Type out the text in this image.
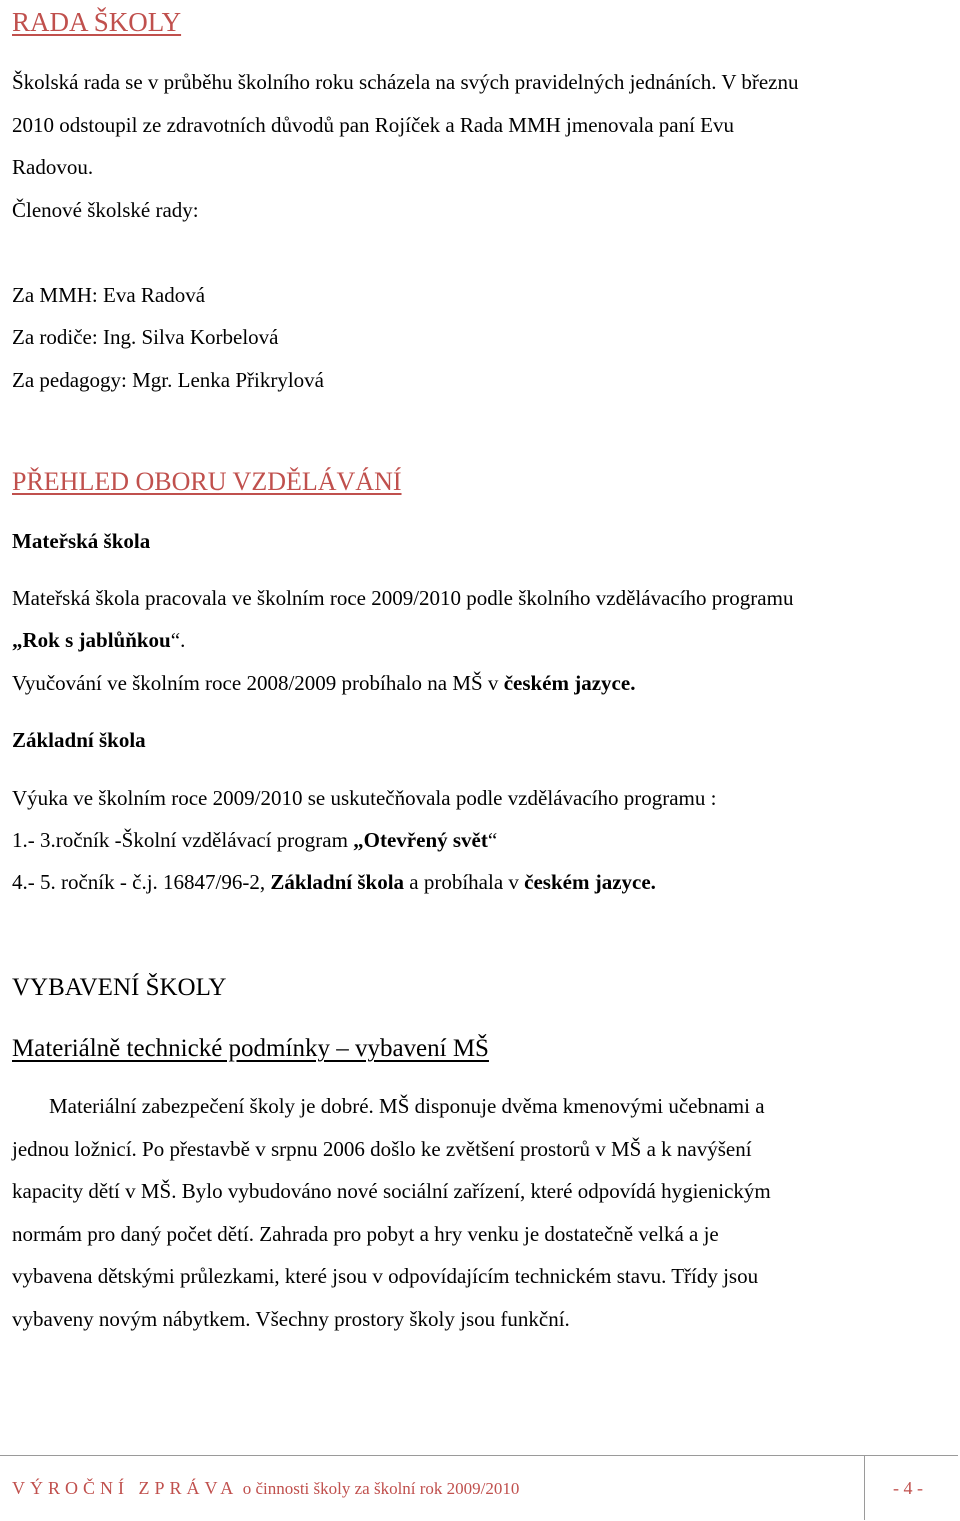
RADA ŠKOLY
Školská rada se v průběhu školního roku scházela na svých pravidelných jednáních. V březnu
2010 odstoupil ze zdravotních důvodů pan Rojíček a Rada MMH jmenovala paní Evu
Radovou.
Členové školské rady:
Za MMH: Eva Radová
Za rodiče: Ing. Silva Korbelová
Za pedagogy: Mgr. Lenka Přikrylová
PŘEHLED OBORU VZDĚLÁVÁNÍ
Mateřská škola
Mateřská škola pracovala ve školním roce 2009/2010 podle školního vzdělávacího programu
„Rok s jablůňkou“.
Vyučování ve školním roce 2008/2009 probíhalo na MŠ v českém jazyce.
Základní škola
Výuka ve školním roce 2009/2010 se uskutečňovala podle vzdělávacího programu :
1.- 3.ročník -Školní vzdělávací program „Otevřený svět“
4.- 5. ročník - č.j. 16847/96-2, Základní škola a probíhala v českém jazyce.
VYBAVENÍ ŠKOLY
Materiálně technické podmínky – vybavení MŠ
Materiální zabezpečení školy je dobré. MŠ disponuje dvěma kmenovými učebnami a
jednou ložnicí. Po přestavbě v srpnu 2006 došlo ke zvětšení prostorů v MŠ a k navýšení
kapacity dětí v MŠ. Bylo vybudováno nové sociální zařízení, které odpovídá hygienickým
normám pro daný počet dětí. Zahrada pro pobyt a hry venku je dostatečně velká a je
vybavena dětskými průlezkami, které jsou v odpovídajícím technickém stavu. Třídy jsou
vybaveny novým nábytkem. Všechny prostory školy jsou funkční.
VÝROČNÍ ZPRÁVA o činnosti školy za školní rok 2009/2010	- 4 -
